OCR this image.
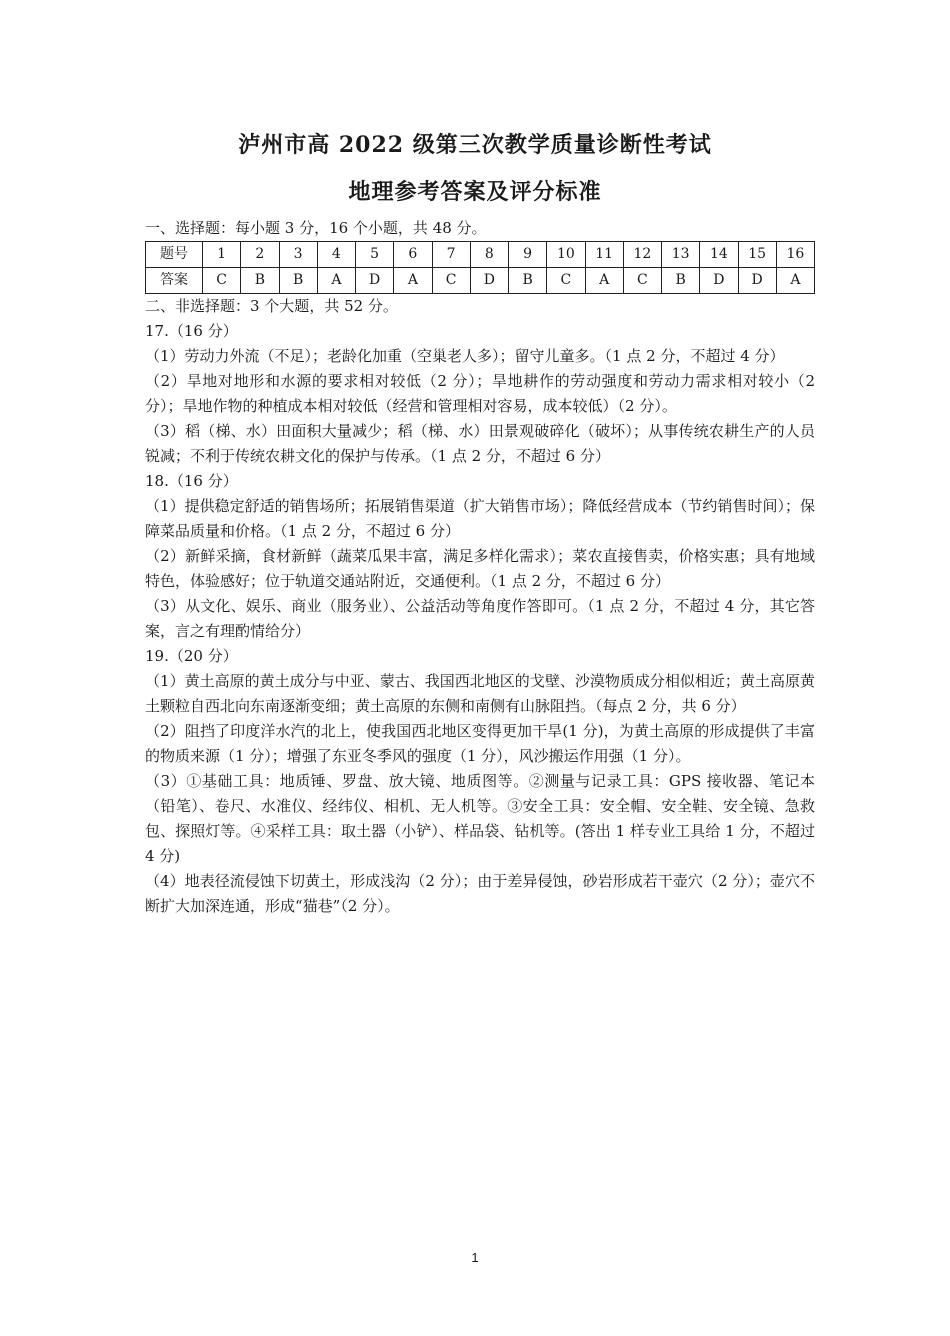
泸州市高 2022 级第三次教学质量诊断性考试
地理参考答案及评分标准
一、选择题：每小题 3 分，16 个小题，共 48 分。
题号	1	2	3	4	5	6	7	8	9	10	11	12	13	14	15	16
答案	C	B	B	A	D	A	C	D	B	C	A	C	B	D	D	A
二、非选择题：3 个大题，共 52 分。
17.（16 分）
（1）劳动力外流（不足）；老龄化加重（空巢老人多）；留守儿童多。（1 点 2 分，不超过 4 分）
（2）旱地对地形和水源的要求相对较低（2 分）；旱地耕作的劳动强度和劳动力需求相对较小（2 分）；旱地作物的种植成本相对较低（经营和管理相对容易，成本较低）（2 分）。
（3）稻（梯、水）田面积大量减少；稻（梯、水）田景观破碎化（破坏）；从事传统农耕生产的人员锐减；不利于传统农耕文化的保护与传承。（1 点 2 分，不超过 6 分）
18.（16 分）
（1）提供稳定舒适的销售场所；拓展销售渠道（扩大销售市场）；降低经营成本（节约销售时间）；保障菜品质量和价格。（1 点 2 分，不超过 6 分）
（2）新鲜采摘，食材新鲜（蔬菜瓜果丰富，满足多样化需求）；菜农直接售卖，价格实惠；具有地域特色，体验感好；位于轨道交通站附近，交通便利。（1 点 2 分，不超过 6 分）
（3）从文化、娱乐、商业（服务业）、公益活动等角度作答即可。（1 点 2 分，不超过 4 分，其它答案，言之有理酌情给分）
19.（20 分）
（1）黄土高原的黄土成分与中亚、蒙古、我国西北地区的戈壁、沙漠物质成分相似相近；黄土高原黄土颗粒自西北向东南逐渐变细；黄土高原的东侧和南侧有山脉阻挡。（每点 2 分，共 6 分）
（2）阻挡了印度洋水汽的北上，使我国西北地区变得更加干旱(1 分)，为黄土高原的形成提供了丰富的物质来源（1 分）；增强了东亚冬季风的强度（1 分），风沙搬运作用强（1 分）。
（3）①基础工具：地质锤、罗盘、放大镜、地质图等。②测量与记录工具：GPS 接收器、笔记本（铅笔）、卷尺、水准仪、经纬仪、相机、无人机等。③安全工具：安全帽、安全鞋、安全镜、急救包、探照灯等。④采样工具：取土器（小铲）、样品袋、钻机等。(答出 1 样专业工具给 1 分，不超过 4 分)
（4）地表径流侵蚀下切黄土，形成浅沟（2 分）；由于差异侵蚀，砂岩形成若干壶穴（2 分）；壶穴不断扩大加深连通，形成“猫巷”（2 分）。
1
